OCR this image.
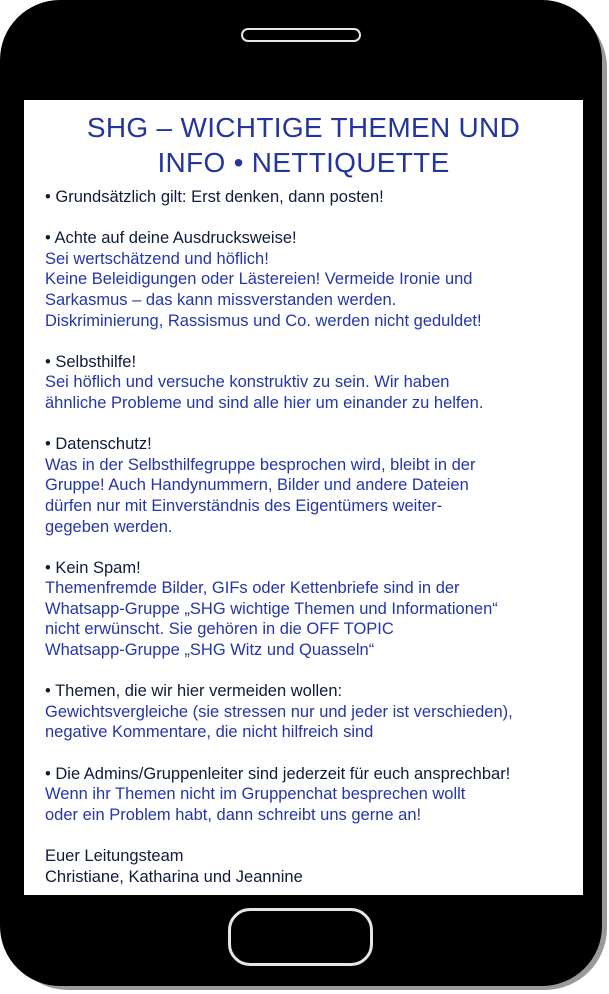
SHG – WICHTIGE THEMEN UND
INFO • NETTIQUETTE
• Grundsätzlich gilt: Erst denken, dann posten!
• Achte auf deine Ausdrucksweise!
Sei wertschätzend und höflich!
Keine Beleidigungen oder Lästereien! Vermeide Ironie und
Sarkasmus – das kann missverstanden werden.
Diskriminierung, Rassismus und Co. werden nicht geduldet!
• Selbsthilfe!
Sei höflich und versuche konstruktiv zu sein. Wir haben
ähnliche Probleme und sind alle hier um einander zu helfen.
• Datenschutz!
Was in der Selbsthilfegruppe besprochen wird, bleibt in der
Gruppe! Auch Handynummern, Bilder und andere Dateien
dürfen nur mit Einverständnis des Eigentümers weiter-
gegeben werden.
• Kein Spam!
Themenfremde Bilder, GIFs oder Kettenbriefe sind in der
Whatsapp-Gruppe „SHG wichtige Themen und Informationen“
nicht erwünscht. Sie gehören in die OFF TOPIC
Whatsapp-Gruppe „SHG Witz und Quasseln“
• Themen, die wir hier vermeiden wollen:
Gewichtsvergleiche (sie stressen nur und jeder ist verschieden),
negative Kommentare, die nicht hilfreich sind
• Die Admins/Gruppenleiter sind jederzeit für euch ansprechbar!
Wenn ihr Themen nicht im Gruppenchat besprechen wollt
oder ein Problem habt, dann schreibt uns gerne an!
Euer Leitungsteam
Christiane, Katharina und Jeannine
